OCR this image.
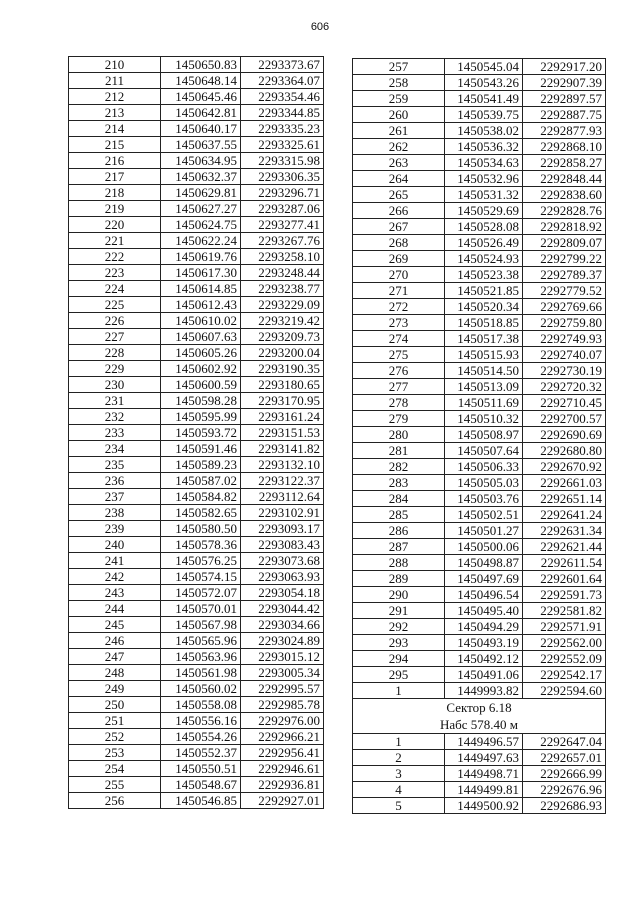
606
210	1450650.83	2293373.67
211	1450648.14	2293364.07
212	1450645.46	2293354.46
213	1450642.81	2293344.85
214	1450640.17	2293335.23
215	1450637.55	2293325.61
216	1450634.95	2293315.98
217	1450632.37	2293306.35
218	1450629.81	2293296.71
219	1450627.27	2293287.06
220	1450624.75	2293277.41
221	1450622.24	2293267.76
222	1450619.76	2293258.10
223	1450617.30	2293248.44
224	1450614.85	2293238.77
225	1450612.43	2293229.09
226	1450610.02	2293219.42
227	1450607.63	2293209.73
228	1450605.26	2293200.04
229	1450602.92	2293190.35
230	1450600.59	2293180.65
231	1450598.28	2293170.95
232	1450595.99	2293161.24
233	1450593.72	2293151.53
234	1450591.46	2293141.82
235	1450589.23	2293132.10
236	1450587.02	2293122.37
237	1450584.82	2293112.64
238	1450582.65	2293102.91
239	1450580.50	2293093.17
240	1450578.36	2293083.43
241	1450576.25	2293073.68
242	1450574.15	2293063.93
243	1450572.07	2293054.18
244	1450570.01	2293044.42
245	1450567.98	2293034.66
246	1450565.96	2293024.89
247	1450563.96	2293015.12
248	1450561.98	2293005.34
249	1450560.02	2292995.57
250	1450558.08	2292985.78
251	1450556.16	2292976.00
252	1450554.26	2292966.21
253	1450552.37	2292956.41
254	1450550.51	2292946.61
255	1450548.67	2292936.81
256	1450546.85	2292927.01
257	1450545.04	2292917.20
258	1450543.26	2292907.39
259	1450541.49	2292897.57
260	1450539.75	2292887.75
261	1450538.02	2292877.93
262	1450536.32	2292868.10
263	1450534.63	2292858.27
264	1450532.96	2292848.44
265	1450531.32	2292838.60
266	1450529.69	2292828.76
267	1450528.08	2292818.92
268	1450526.49	2292809.07
269	1450524.93	2292799.22
270	1450523.38	2292789.37
271	1450521.85	2292779.52
272	1450520.34	2292769.66
273	1450518.85	2292759.80
274	1450517.38	2292749.93
275	1450515.93	2292740.07
276	1450514.50	2292730.19
277	1450513.09	2292720.32
278	1450511.69	2292710.45
279	1450510.32	2292700.57
280	1450508.97	2292690.69
281	1450507.64	2292680.80
282	1450506.33	2292670.92
283	1450505.03	2292661.03
284	1450503.76	2292651.14
285	1450502.51	2292641.24
286	1450501.27	2292631.34
287	1450500.06	2292621.44
288	1450498.87	2292611.54
289	1450497.69	2292601.64
290	1450496.54	2292591.73
291	1450495.40	2292581.82
292	1450494.29	2292571.91
293	1450493.19	2292562.00
294	1450492.12	2292552.09
295	1450491.06	2292542.17
1	1449993.82	2292594.60

Сектор 6.18
Набс 578.40 м		

1	1449496.57	2292647.04
2	1449497.63	2292657.01
3	1449498.71	2292666.99
4	1449499.81	2292676.96
5	1449500.92	2292686.93
